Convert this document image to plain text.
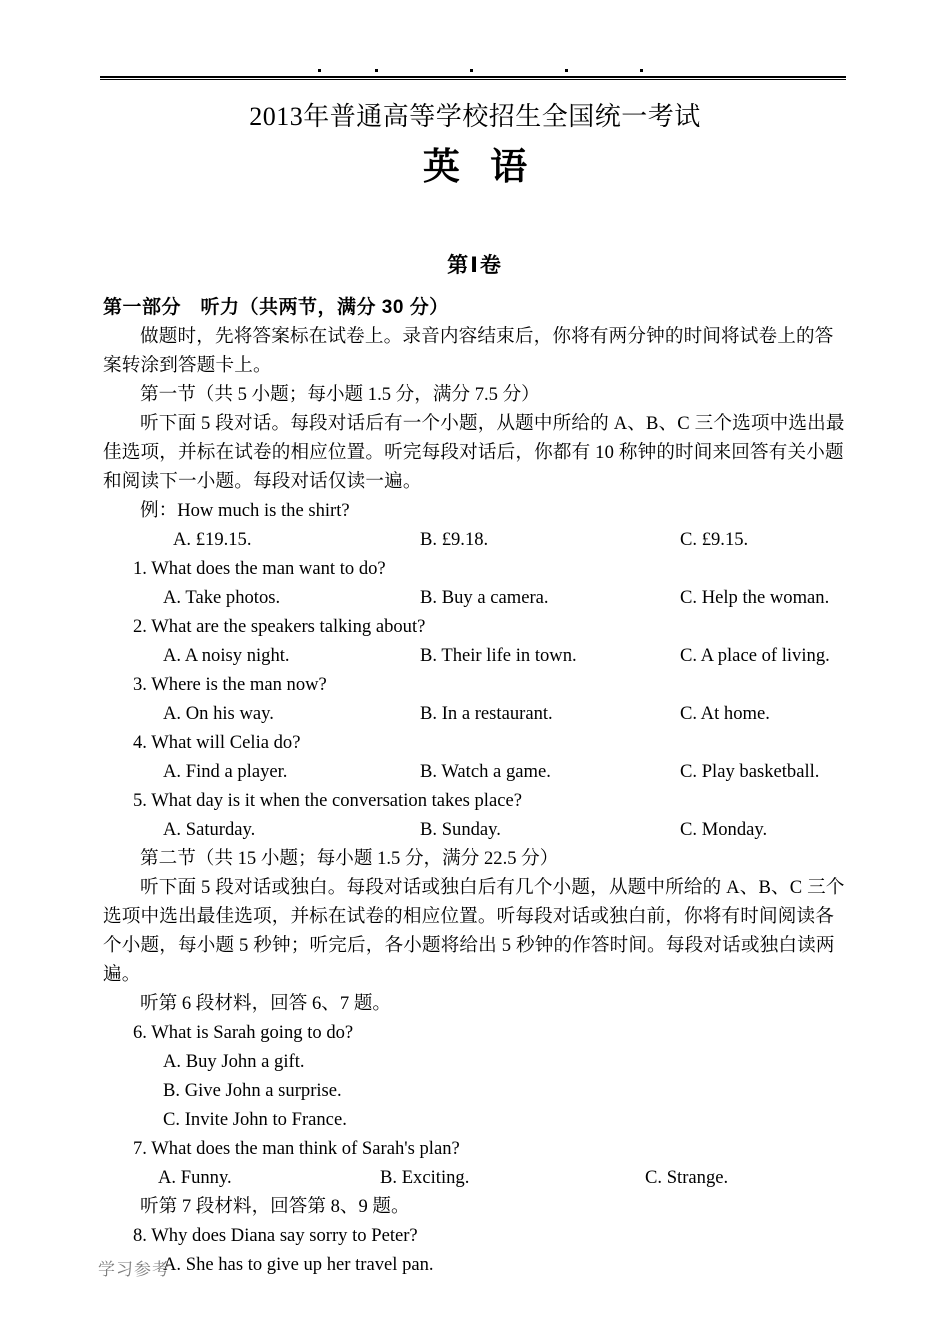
2013年普通高等学校招生全国统一考试
英 语
第Ⅰ卷
第一部分　听力（共两节，满分 30 分）
做题时，先将答案标在试卷上。录音内容结束后，你将有两分钟的时间将试卷上的答
案转涂到答题卡上。
第一节（共 5 小题；每小题 1.5 分，满分 7.5 分）
听下面 5 段对话。每段对话后有一个小题，从题中所给的 A、B、C 三个选项中选出最
佳选项，并标在试卷的相应位置。听完每段对话后，你都有 10 称钟的时间来回答有关小题
和阅读下一小题。每段对话仅读一遍。
例：How much is the shirt?
A. £19.15.	B. £9.18.	C. £9.15.
1. What does the man want to do?
A. Take photos.	B. Buy a camera.	C. Help the woman.
2. What are the speakers talking about?
A. A noisy night.	B. Their life in town.	C. A place of living.
3. Where is the man now?
A. On his way.	B. In a restaurant.	C. At home.
4. What will Celia do?
A. Find a player.	B. Watch a game.	C. Play basketball.
5. What day is it when the conversation takes place?
A. Saturday.	B. Sunday.	C. Monday.
第二节（共 15 小题；每小题 1.5 分，满分 22.5 分）
听下面 5 段对话或独白。每段对话或独白后有几个小题，从题中所给的 A、B、C 三个
选项中选出最佳选项，并标在试卷的相应位置。听每段对话或独白前，你将有时间阅读各
个小题，每小题 5 秒钟；听完后，各小题将给出 5 秒钟的作答时间。每段对话或独白读两遍。
听第 6 段材料，回答 6、7 题。
6. What is Sarah going to do?
A. Buy John a gift.
B. Give John a surprise.
C. Invite John to France.
7. What does the man think of Sarah's plan?
A. Funny.	B. Exciting.	C. Strange.
听第 7 段材料，回答第 8、9 题。
8. Why does Diana say sorry to Peter?
A. She has to give up her travel pan.
学习参考
